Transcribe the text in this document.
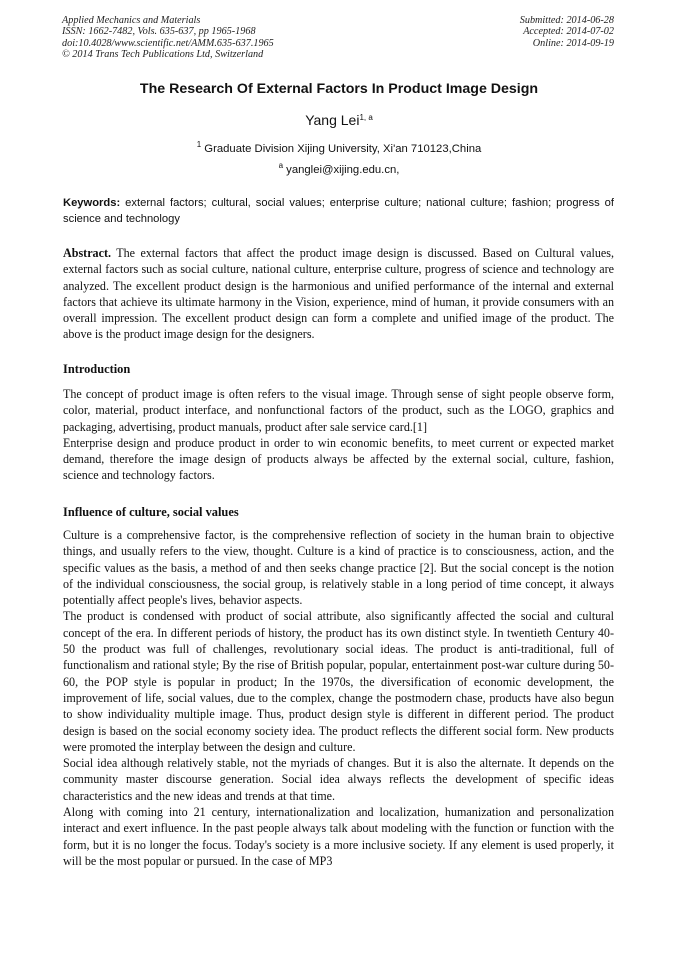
Applied Mechanics and Materials
ISSN: 1662-7482, Vols. 635-637, pp 1965-1968
doi:10.4028/www.scientific.net/AMM.635-637.1965
© 2014 Trans Tech Publications Ltd, Switzerland
Submitted: 2014-06-28
Accepted: 2014-07-02
Online: 2014-09-19
The Research Of External Factors In Product Image Design
Yang Lei$^{1, a}$
$^1$ Graduate Division Xijing University, Xi'an 710123,China
$^a$ yanglei@xijing.edu.cn,
Keywords: external factors; cultural, social values; enterprise culture; national culture; fashion; progress of science and technology
Abstract. The external factors that affect the product image design is discussed. Based on Cultural values, external factors such as social culture, national culture, enterprise culture, progress of science and technology are analyzed. The excellent product design is the harmonious and unified performance of the internal and external factors that achieve its ultimate harmony in the Vision, experience, mind of human, it provide consumers with an overall impression. The excellent product design can form a complete and unified image of the product. The above is the product image design for the designers.
Introduction

The concept of product image is often refers to the visual image. Through sense of sight people observe form, color, material, product interface, and nonfunctional factors of the product, such as the LOGO, graphics and packaging, advertising, product manuals, product after sale service card.[1]

Enterprise design and produce product in order to win economic benefits, to meet current or expected market demand, therefore the image design of products always be affected by the external social, culture, fashion, science and technology factors.

Influence of culture, social values

Culture is a comprehensive factor, is the comprehensive reflection of society in the human brain to objective things, and usually refers to the view, thought. Culture is a kind of practice is to consciousness, action, and the specific values as the basis, a method of and then seeks change practice [2]. But the social concept is the notion of the individual consciousness, the social group, is relatively stable in a long period of time concept, it always potentially affect people's lives, behavior aspects.

The product is condensed with product of social attribute, also significantly affected the social and cultural concept of the era. In different periods of history, the product has its own distinct style. In twentieth Century 40-50 the product was full of challenges, revolutionary social ideas. The product is anti-traditional, full of functionalism and rational style; By the rise of British popular, popular, entertainment post-war culture during 50-60, the POP style is popular in product; In the 1970s, the diversification of economic development, the improvement of life, social values, due to the complex, change the postmodern chase, products have also begun to show individuality multiple image. Thus, product design style is different in different period. The product design is based on the social economy society idea. The product reflects the different social form. New products were promoted the interplay between the design and culture.

Social idea although relatively stable, not the myriads of changes. But it is also the alternate. It depends on the community master discourse generation. Social idea always reflects the development of specific ideas characteristics and the new ideas and trends at that time.

Along with coming into 21 century, internationalization and localization, humanization and personalization interact and exert influence. In the past people always talk about modeling with the function or function with the form, but it is no longer the focus. Today's society is a more inclusive society. If any element is used properly, it will be the most popular or pursued. In the case of MP3
